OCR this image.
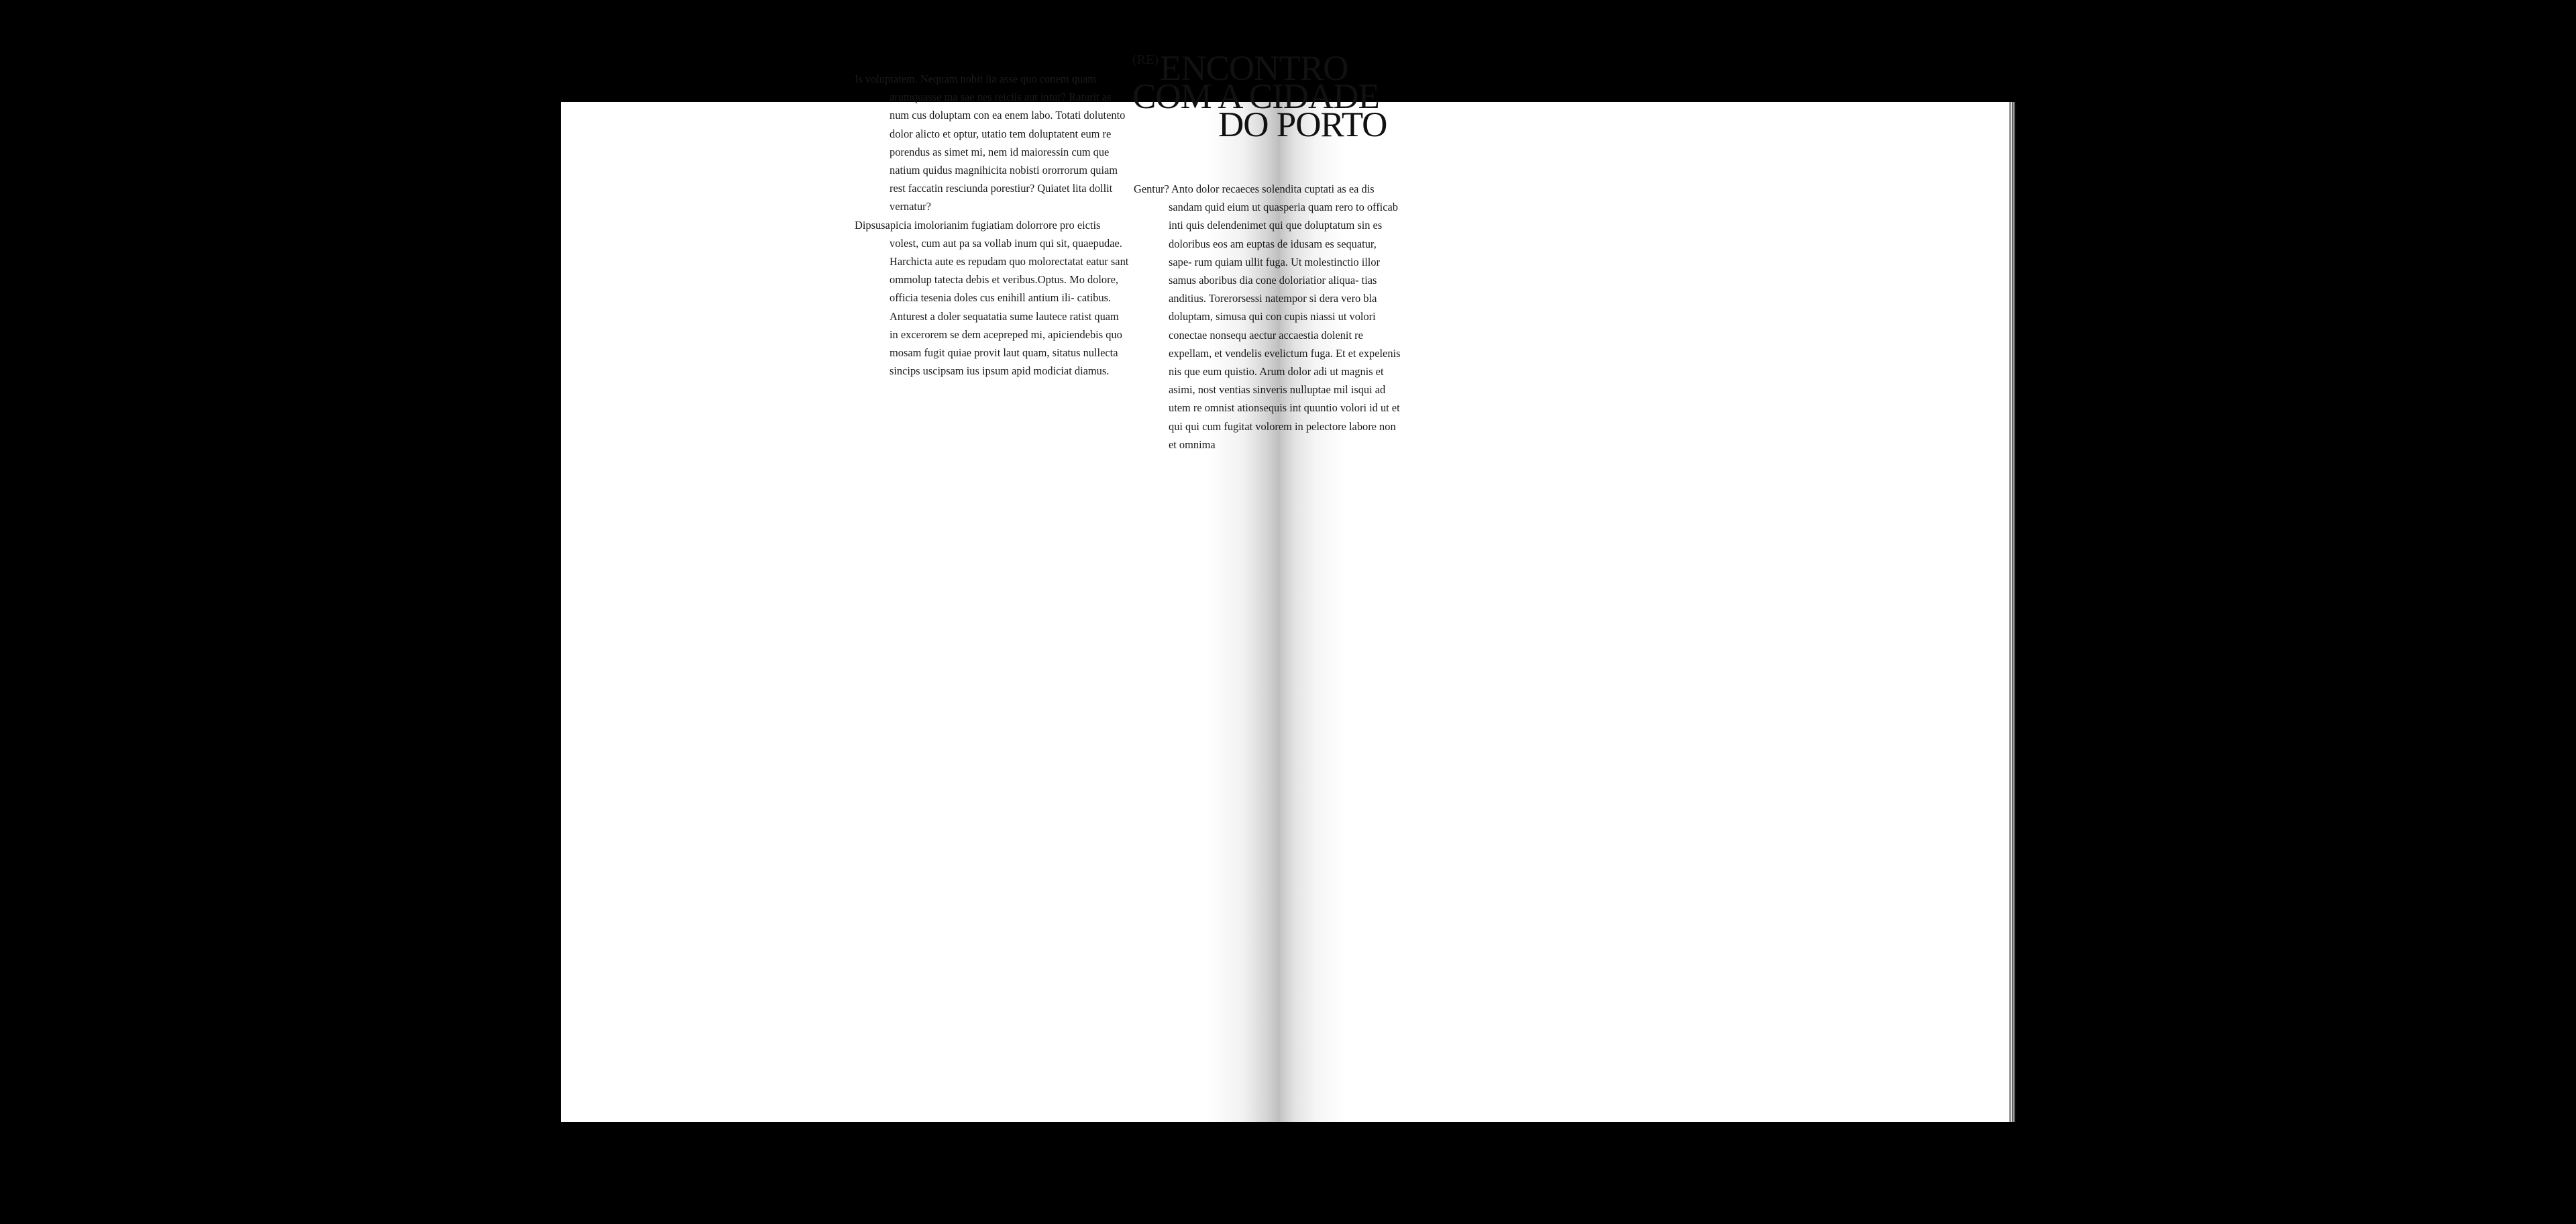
$^{(RE)}$ENCONTRO
COM A CIDADE
DO PORTO

Is voluptatem. Nequam nobit lia asse quo conem quam arumquasse ma sae nes reiciis aut intur? Raturit as num cus doluptam con ea enem labo. Totati dolutento dolor alicto et optur, utatio tem doluptatent eum re porendus as simet mi, nem id maioressin cum que natium quidus magnihicita nobisti ororrorum quiam rest faccatin resciunda porestiur? Quiatet lita dollit vernatur?

Dipsusapicia imolorianim fugiatiam dolorrore pro eictis volest, cum aut pa sa vollab inum qui sit, quaepudae. Harchicta aute es repudam quo molorectatat eatur sant ommolup tatecta debis et veribus.Optus. Mo dolore, officia tesenia doles cus enihill antium ili- catibus. Anturest a doler sequatatia sume lautece ratist quam in excerorem se dem acepreped mi, apiciendebis quo mosam fugit quiae provit laut quam, sitatus nullecta sincips uscipsam ius ipsum apid modiciat diamus.

Gentur? Anto dolor recaeces solendita cuptati as ea dis sandam quid eium ut quasperia quam rero to officab inti quis delendenimet qui que doluptatum sin es doloribus eos am euptas de idusam es sequatur, sape- rum quiam ullit fuga. Ut molestinctio illor samus aboribus dia cone doloriatior aliqua- tias anditius. Torerorsessi natempor si dera vero bla doluptam, simusa qui con cupis niassi ut volori conectae nonsequ aectur accaestia dolenit re expellam, et vendelis evelictum fuga. Et et expelenis nis que eum quistio. Arum dolor adi ut magnis et asimi, nost ventias sinveris nulluptae mil isqui ad utem re omnist ationsequis int quuntio volori id ut et qui qui cum fugitat volorem in pelectore labore non et omnima
